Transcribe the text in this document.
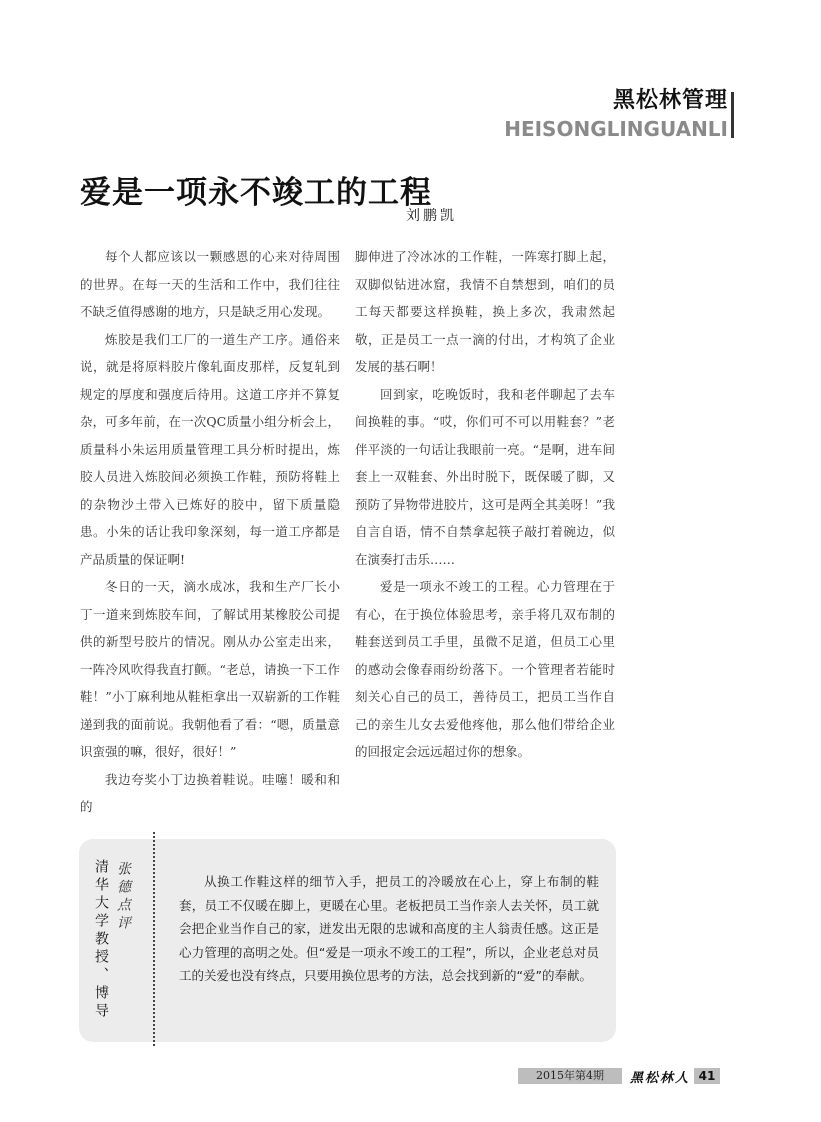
黑松林管理
HEISONGLINGUANLI
爱是一项永不竣工的工程
刘鹏凯

每个人都应该以一颗感恩的心来对待周围的世界。在每一天的生活和工作中，我们往往不缺乏值得感谢的地方，只是缺乏用心发现。

炼胶是我们工厂的一道生产工序。通俗来说，就是将原料胶片像轧面皮那样，反复轧到规定的厚度和强度后待用。这道工序并不算复杂，可多年前，在一次QC质量小组分析会上，质量科小朱运用质量管理工具分析时提出，炼胶人员进入炼胶间必须换工作鞋，预防将鞋上的杂物沙土带入已炼好的胶中，留下质量隐患。小朱的话让我印象深刻，每一道工序都是产品质量的保证啊!

冬日的一天，滴水成冰，我和生产厂长小丁一道来到炼胶车间，了解试用某橡胶公司提供的新型号胶片的情况。刚从办公室走出来，一阵冷风吹得我直打颤。“老总，请换一下工作鞋！”小丁麻利地从鞋柜拿出一双崭新的工作鞋递到我的面前说。我朝他看了看：“嗯，质量意识蛮强的嘛，很好，很好！”

我边夸奖小丁边换着鞋说。哇噻！暖和和的

脚伸进了冷冰冰的工作鞋，一阵寒打脚上起，双脚似钻进冰窟，我情不自禁想到，咱们的员工每天都要这样换鞋，换上多次，我肃然起敬，正是员工一点一滴的付出，才构筑了企业发展的基石啊！

回到家，吃晚饭时，我和老伴聊起了去车间换鞋的事。“哎，你们可不可以用鞋套？”老伴平淡的一句话让我眼前一亮。“是啊，进车间套上一双鞋套、外出时脱下，既保暖了脚，又预防了异物带进胶片，这可是两全其美呀！”我自言自语，情不自禁拿起筷子敲打着碗边，似在演奏打击乐……

爱是一项永不竣工的工程。心力管理在于有心，在于换位体验思考，亲手将几双布制的鞋套送到员工手里，虽微不足道，但员工心里的感动会像春雨纷纷落下。一个管理者若能时刻关心自己的员工，善待员工，把员工当作自己的亲生儿女去爱他疼他，那么他们带给企业的回报定会远远超过你的想象。

清华大学教授、博导 张德点评	从换工作鞋这样的细节入手，把员工的冷暖放在心上，穿上布制的鞋套，员工不仅暖在脚上，更暖在心里。老板把员工当作亲人去关怀，员工就会把企业当作自己的家，迸发出无限的忠诚和高度的主人翁责任感。这正是心力管理的高明之处。但“爱是一项永不竣工的工程”，所以，企业老总对员工的关爱也没有终点，只要用换位思考的方法，总会找到新的“爱”的奉献。

2015年第4期	黑松林人 41
